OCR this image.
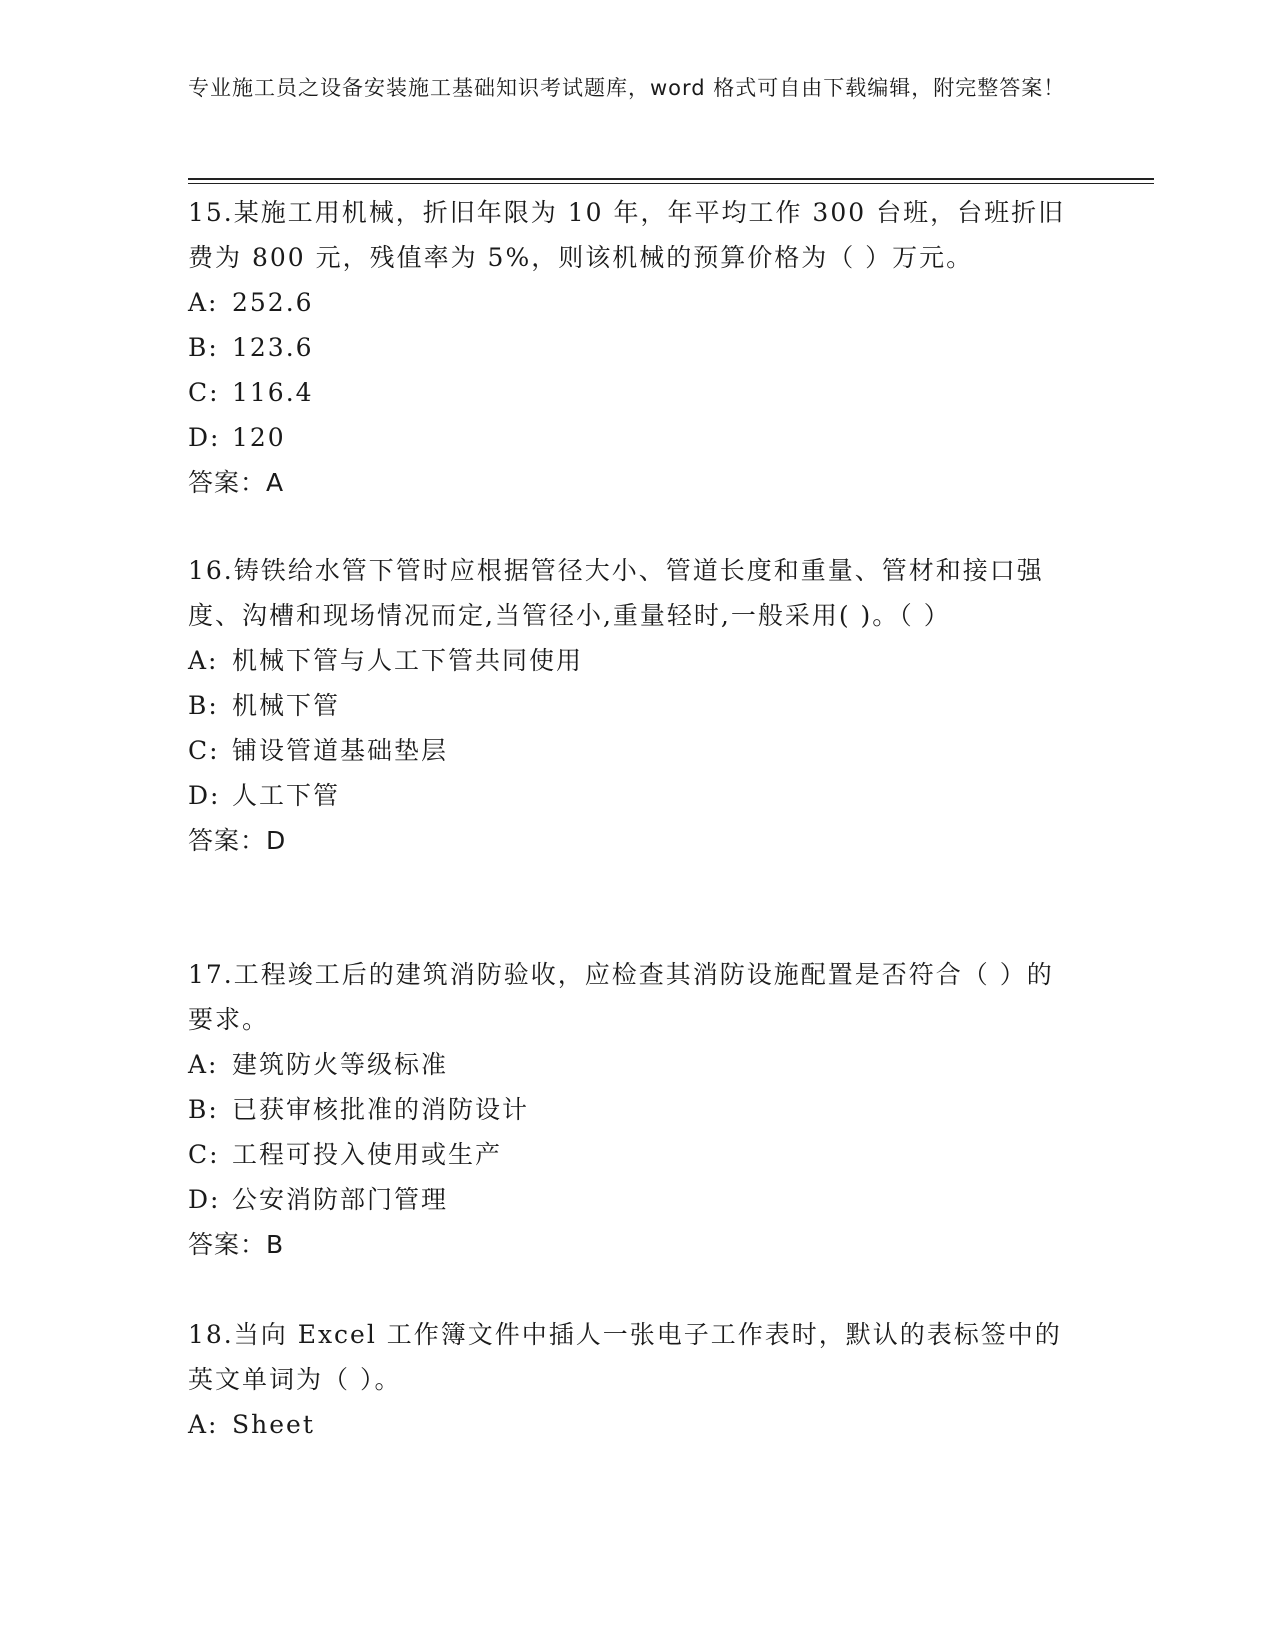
专业施工员之设备安装施工基础知识考试题库，word 格式可自由下载编辑，附完整答案！

15.某施工用机械，折旧年限为 10 年，年平均工作 300 台班，台班折旧费为 800 元，残值率为 5%，则该机械的预算价格为（ ）万元。

A: 252.6

B: 123.6

C: 116.4

D: 120

答案：A

16.铸铁给水管下管时应根据管径大小、管道长度和重量、管材和接口强度、沟槽和现场情况而定,当管径小,重量轻时,一般采用( )。（ ）

A: 机械下管与人工下管共同使用

B: 机械下管

C: 铺设管道基础垫层

D: 人工下管

答案：D

17.工程竣工后的建筑消防验收，应检查其消防设施配置是否符合（ ）的要求。

A: 建筑防火等级标准

B: 已获审核批准的消防设计

C: 工程可投入使用或生产

D: 公安消防部门管理

答案：B

18.当向 Excel 工作簿文件中插人一张电子工作表时，默认的表标签中的英文单词为（ ）。

A: Sheet
